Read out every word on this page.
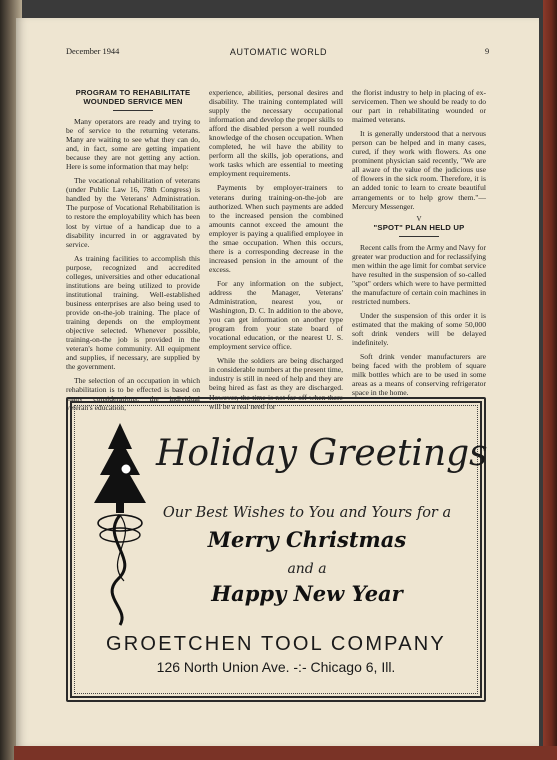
December 1944	AUTOMATIC WORLD	9
PROGRAM TO REHABILITATE WOUNDED SERVICE MEN

Many operators are ready and trying to be of service to the returning veterans. Many are waiting to see what they can do, and, in fact, some are getting impatient because they are not getting any action. Here is some information that may help:

The vocational rehabilitation of veterans (under Public Law 16, 78th Congress) is handled by the Veterans' Administration. The purpose of Vocational Rehabilitation is to restore the employability which has been lost by virtue of a handicap due to a disability incurred in or aggravated by service.

As training facilities to accomplish this purpose, recognized and accredited colleges, universities and other educational institutions are being utilized to provide institutional training. Well-established business enterprises are also being used to provide on-the-job training. The place of training depends on the employment objective selected. Whenever possible, training-on-the job is provided in the veteran's home community. All equipment and supplies, if necessary, are supplied by the government.

The selection of an occupation in which rehabilitation is to be effected is based on many considerations: the individual veteran's education,

experience, abilities, personal desires and disability. The training contemplated will supply the necessary occupational information and develop the proper skills to afford the disabled person a well rounded knowledge of the chosen occupation. When completed, he wil have the ability to perform all the skills, job operations, and work tasks which are essential to meeting employment requirements.

Payments by employer-trainers to veterans during training-on-the-job are authorized. When such payments are added to the increased pension the combined amounts cannot exceed the amount the employer is paying a qualified employee in the smae occupation. When this occurs, there is a corresponding decrease in the increased pension in the amount of the excess.

For any information on the subject, address the Manager, Veterans' Administration, nearest you, or Washington, D. C. In addition to the above, you can get information on another type program from your state board of vocational education, or the nearest U. S. employment service office.

While the soldiers are being discharged in considerable numbers at the present time, industry is still in need of help and they are being hired as fast as they are discharged. However, the time is not far off when there will be a real need for

the florist industry to help in placing of ex-servicemen. Then we should be ready to do our part in rehabilitating wounded or maimed veterans.

It is generally understood that a nervous person can be helped and in many cases, cured, if they work with flowers. As one prominent physician said recently, "We are all aware of the value of the judicious use of flowers in the sick room. Therefore, it is an added tonic to learn to create beautiful arrangements or to help grow them."—Mercury Messenger.

V
"SPOT" PLAN HELD UP

Recent calls from the Army and Navy for greater war production and for reclassifying men within the age limit for combat service have resulted in the suspension of so-called "spot" orders which were to have permitted the manufacture of certain coin machines in restricted numbers.

Under the suspension of this order it is estimated that the making of some 50,000 soft drink venders will be delayed indefinitely.

Soft drink vender manufacturers are being faced with the problem of square milk bottles which are to be used in some areas as a means of conserving refrigerator space in the home.

Holiday Greetings
Our Best Wishes to You and Yours for a
Merry Christmas
and a
Happy New Year
GROETCHEN TOOL COMPANY
126 North Union Ave. -:- Chicago 6, Ill.
